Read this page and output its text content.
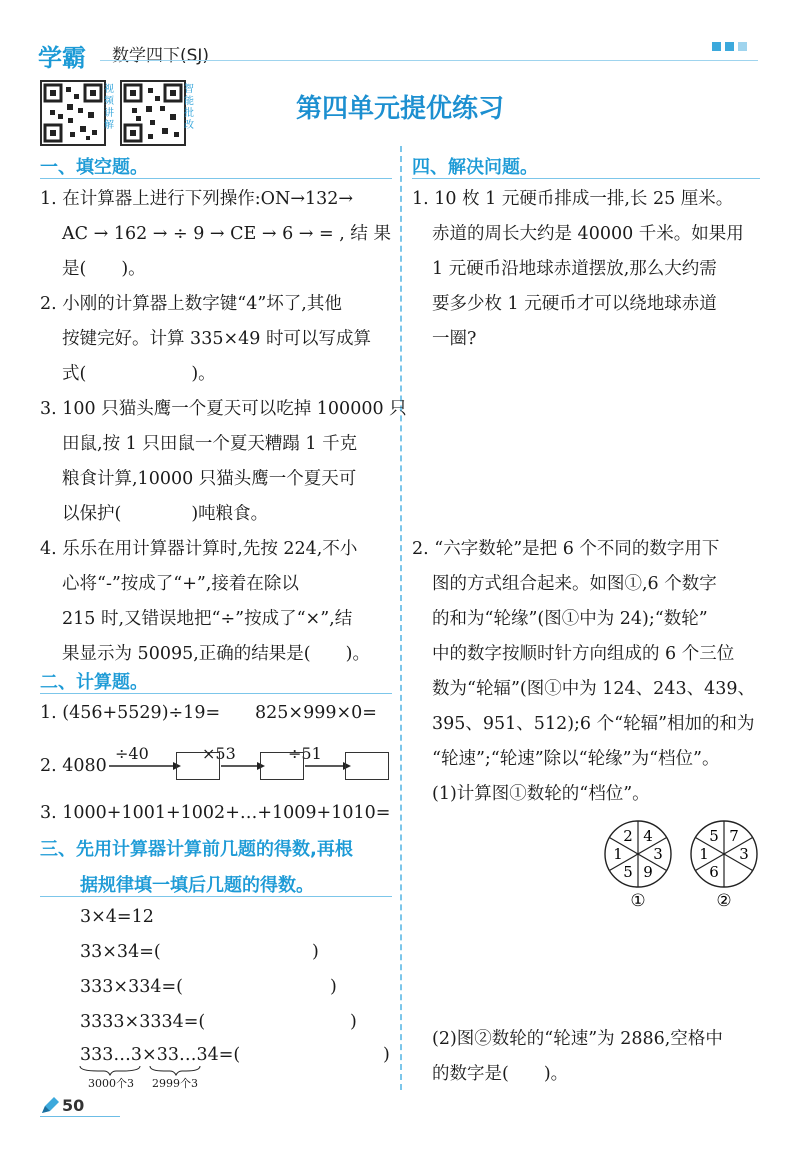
学霸 数学四下(SJ)
视频讲解
智能批改
第四单元提优练习
一、填空题。
1. 在计算器上进行下列操作:ON→132→
AC → 162 → ÷ 9 → CE → 6 → = , 结 果
是(　　)。
2. 小刚的计算器上数字键“4”坏了,其他
按键完好。计算 335×49 时可以写成算
式(　　　　　　)。
3. 100 只猫头鹰一个夏天可以吃掉 100000 只
田鼠,按 1 只田鼠一个夏天糟蹋 1 千克
粮食计算,10000 只猫头鹰一个夏天可
以保护(　　　　)吨粮食。
4. 乐乐在用计算器计算时,先按 224,不小
心将“-”按成了“+”,接着在除以
215 时,又错误地把“÷”按成了“×”,结
果显示为 50095,正确的结果是(　　)。
二、计算题。
1. (456+5529)÷19= 825×999×0=
2. 4080
÷40	×53	÷51
3. 1000+1001+1002+…+1009+1010=
三、先用计算器计算前几题的得数,再根
据规律填一填后几题的得数。
3×4=12
33×34=(	)
333×334=(	)
3333×3334=(	)
333…3×33…34=(	)
3000个3 2999个3
四、解决问题。
1. 10 枚 1 元硬币排成一排,长 25 厘米。
赤道的周长大约是 40000 千米。如果用
1 元硬币沿地球赤道摆放,那么大约需
要多少枚 1 元硬币才可以绕地球赤道
一圈?
2. “六字数轮”是把 6 个不同的数字用下
图的方式组合起来。如图①,6 个数字
的和为“轮缘”(图①中为 24);“数轮”
中的数字按顺时针方向组成的 6 个三位
数为“轮辐”(图①中为 124、243、439、
395、951、512);6 个“轮辐”相加的和为
“轮速”;“轮速”除以“轮缘”为“档位”。
(1)计算图①数轮的“档位”。
2 4
3
9
5
1
①
5 7
3
6
1
②
(2)图②数轮的“轮速”为 2886,空格中
的数字是(　　)。
50
